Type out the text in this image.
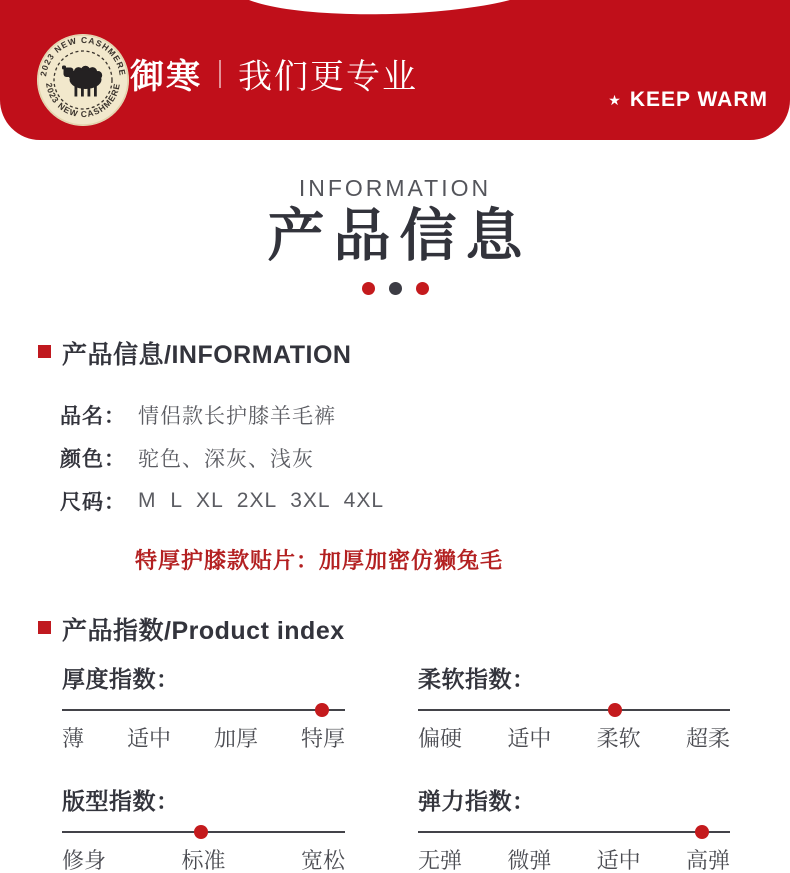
2023 NEW CASHMERE
2023 NEW CASHMERE 御寒 我们更专业
★ KEEP WARM
INFORMATION
产品信息
产品信息/INFORMATION
品名： 情侣款长护膝羊毛裤
颜色： 驼色、深灰、浅灰
尺码： M L XL 2XL 3XL 4XL
特厚护膝款贴片：加厚加密仿獭兔毛
产品指数/Product index
厚度指数：
薄 适中 加厚 特厚
柔软指数：
偏硬 适中 柔软 超柔
版型指数：
修身	标准	宽松
弹力指数：
无弹 微弹 适中 高弹
